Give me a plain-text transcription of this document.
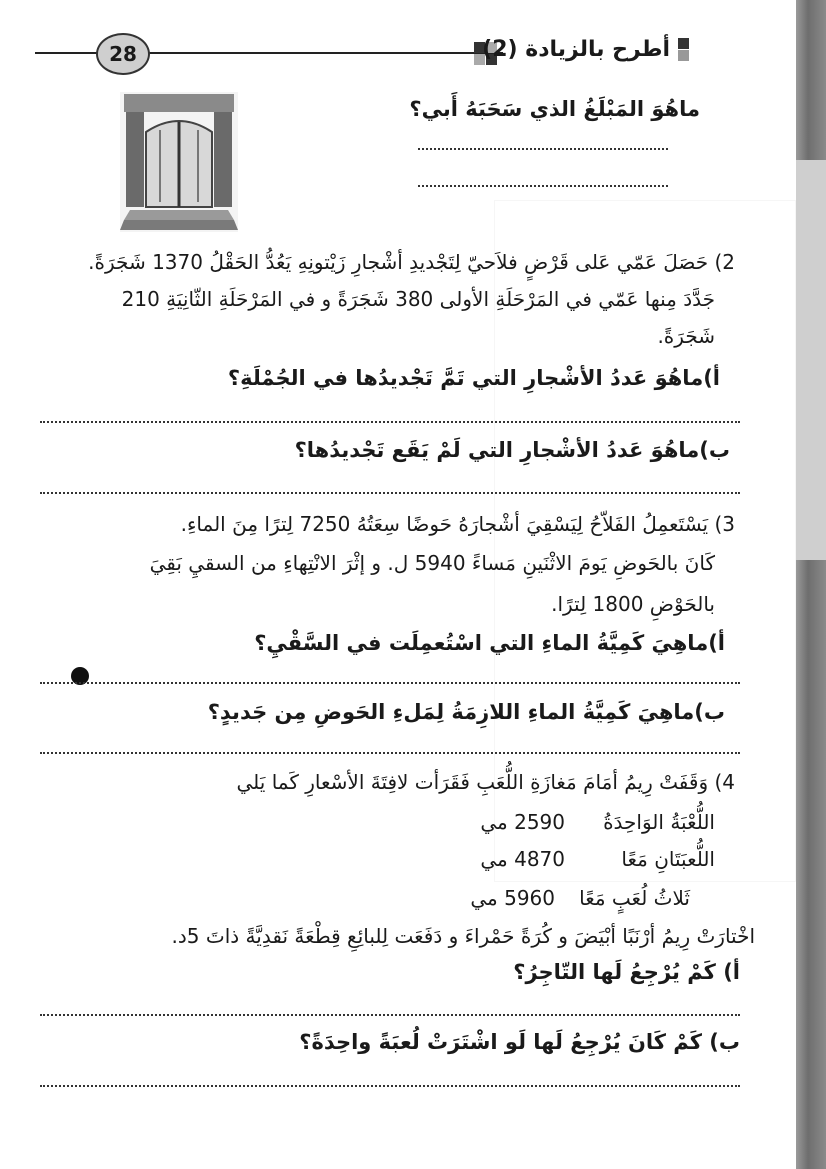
28	أطرح بالزيادة (2)
ماهُوَ المَبْلَغُ الذي سَحَبَهُ أَبي؟
2) حَصَلَ عَمّي عَلى قَرْضٍ فلاَحيّ لِتَجْديدِ أشْجارِ زَيْتونِهِ يَعُدُّ الحَقْلُ 1370 شَجَرَةً.
جَدَّدَ مِنها عَمّي في المَرْحَلَةِ الأولى 380 شَجَرَةً و في المَرْحَلَةِ الثّانِيَةِ 210
شَجَرَةً.
أ)ماهُوَ عَددُ الأشْجارِ التي تَمَّ تَجْديدُها في الجُمْلَةِ؟
ب)ماهُوَ عَددُ الأشْجارِ التي لَمْ يَقَع تَجْديدُها؟
3) يَسْتَعمِلُ الفَلاّحُ لِيَسْقِيَ أشْجارَهُ حَوضًا سِعَتُهُ 7250 لِترًا مِنَ الماءِ.
كَانَ بالحَوضِ يَومَ الاثْنَينِ مَساءً 5940 ل. و إثْرَ الانْتِهاءِ من السقيِ بَقِيَ
بالحَوْضِ 1800 لِترًا.
أ)ماهِيَ كَمِيَّةُ الماءِ التي اسْتُعمِلَت في السَّقْيِ؟
ب)ماهِيَ كَمِيَّةُ الماءِ اللازِمَةُ لِمَلءِ الحَوضِ مِن جَديدٍ؟
4) وَقَفَتْ رِيمُ أمَامَ مَغازَةِ اللُّعَبِ فَقَرَأت لافِتَةَ الأسْعارِ كَما يَلي
اللُّعْبَةُ الوَاحِدَةُ
2590 مي
اللُّعبَتَانِ مَعًا
4870 مي
ثَلاثُ لُعَبٍ مَعًا
5960 مي
اخْتارَتْ رِيمُ أرْنَبًا أبْيَضَ و كُرَةً حَمْراءَ و دَفَعَت لِلبائِعِ قِطْعَةً نَقدِيَّةً ذاتَ 5د.
أ) كَمْ يُرْجِعُ لَها التّاجِرُ؟
ب) كَمْ كَانَ يُرْجِعُ لَها لَو اشْتَرَتْ لُعبَةً واحِدَةً؟
